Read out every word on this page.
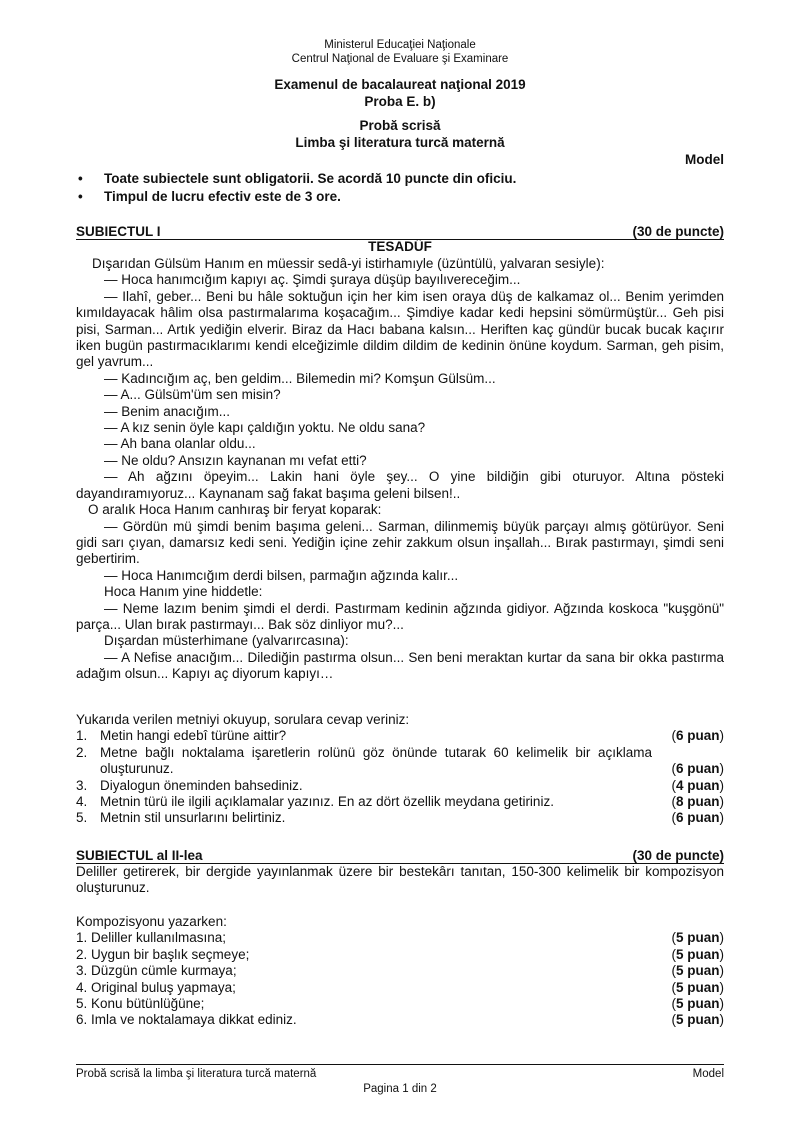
Ministerul Educaţiei Naţionale
Centrul Naţional de Evaluare şi Examinare
Examenul de bacalaureat naţional 2019
Proba E. b)
Probă scrisă
Limba şi literatura turcă maternă
Model
• Toate subiectele sunt obligatorii. Se acordă 10 puncte din oficiu.
• Timpul de lucru efectiv este de 3 ore.
SUBIECTUL I	(30 de puncte)
TESADÜF

Dışarıdan Gülsüm Hanım en müessir sedâ-yi istirhamıyle (üzüntülü, yalvaran sesiyle):

— Hoca hanımcığım kapıyı aç. Şimdi şuraya düşüp bayılıvereceğim...

— Ilahî, geber... Beni bu hâle soktuğun için her kim isen oraya düş de kalkamaz ol... Benim yerimden kımıldayacak hâlim olsa pastırmalarıma koşacağım... Şimdiye kadar kedi hepsini sömürmüştür... Geh pisi pisi, Sarman... Artık yediğin elverir. Biraz da Hacı babana kalsın... Heriften kaç gündür bucak bucak kaçırır iken bugün pastırmacıklarımı kendi elceğizimle dildim dildim de kedinin önüne koydum. Sarman, geh pisim, gel yavrum...

— Kadıncığım aç, ben geldim... Bilemedin mi? Komşun Gülsüm...

— A... Gülsüm'üm sen misin?

— Benim anacığım...

— A kız senin öyle kapı çaldığın yoktu. Ne oldu sana?

— Ah bana olanlar oldu...

— Ne oldu? Ansızın kaynanan mı vefat etti?

— Ah ağzını öpeyim... Lakin hani öyle şey... O yine bildiğin gibi oturuyor. Altına pösteki dayandıramıyoruz... Kaynanam sağ fakat başıma geleni bilsen!..

O aralık Hoca Hanım canhıraş bir feryat koparak:

— Gördün mü şimdi benim başıma geleni... Sarman, dilinmemiş büyük parçayı almış götürüyor. Seni gidi sarı çıyan, damarsız kedi seni. Yediğin içine zehir zakkum olsun inşallah... Bırak pastırmayı, şimdi seni gebertirim.

— Hoca Hanımcığım derdi bilsen, parmağın ağzında kalır...

Hoca Hanım yine hiddetle:

— Neme lazım benim şimdi el derdi. Pastırmam kedinin ağzında gidiyor. Ağzında koskoca "kuşgönü" parça... Ulan bırak pastırmayı... Bak söz dinliyor mu?...

Dışardan müsterhimane (yalvarırcasına):

— A Nefise anacığım... Dilediğin pastırma olsun... Sen beni meraktan kurtar da sana bir okka pastırma adağım olsun... Kapıyı aç diyorum kapıyı…

Yukarıda verilen metniyi okuyup, sorulara cevap veriniz:
1. Metin hangi edebî türüne aittir?	(6 puan)
2. Metne bağlı noktalama işaretlerin rolünü göz önünde tutarak 60 kelimelik bir açıklama oluşturunuz.	(6 puan)
3. Diyalogun öneminden bahsediniz.	(4 puan)
4. Metnin türü ile ilgili açıklamalar yazınız. En az dört özellik meydana getiriniz.	(8 puan)
5. Metnin stil unsurlarını belirtiniz.	(6 puan)
SUBIECTUL al II-lea	(30 de puncte)

Deliller getirerek, bir dergide yayınlanmak üzere bir bestekârı tanıtan, 150-300 kelimelik bir kompozisyon oluşturunuz.

Kompozisyonu yazarken:
1. Deliller kullanılmasına;	(5 puan)
2. Uygun bir başlık seçmeye;	(5 puan)
3. Düzgün cümle kurmaya;	(5 puan)
4. Original buluş yapmaya;	(5 puan)
5. Konu bütünlüğüne;	(5 puan)
6. Imla ve noktalamaya dikkat ediniz.	(5 puan)
Probă scrisă la limba şi literatura turcă maternă	Model
Pagina 1 din 2
